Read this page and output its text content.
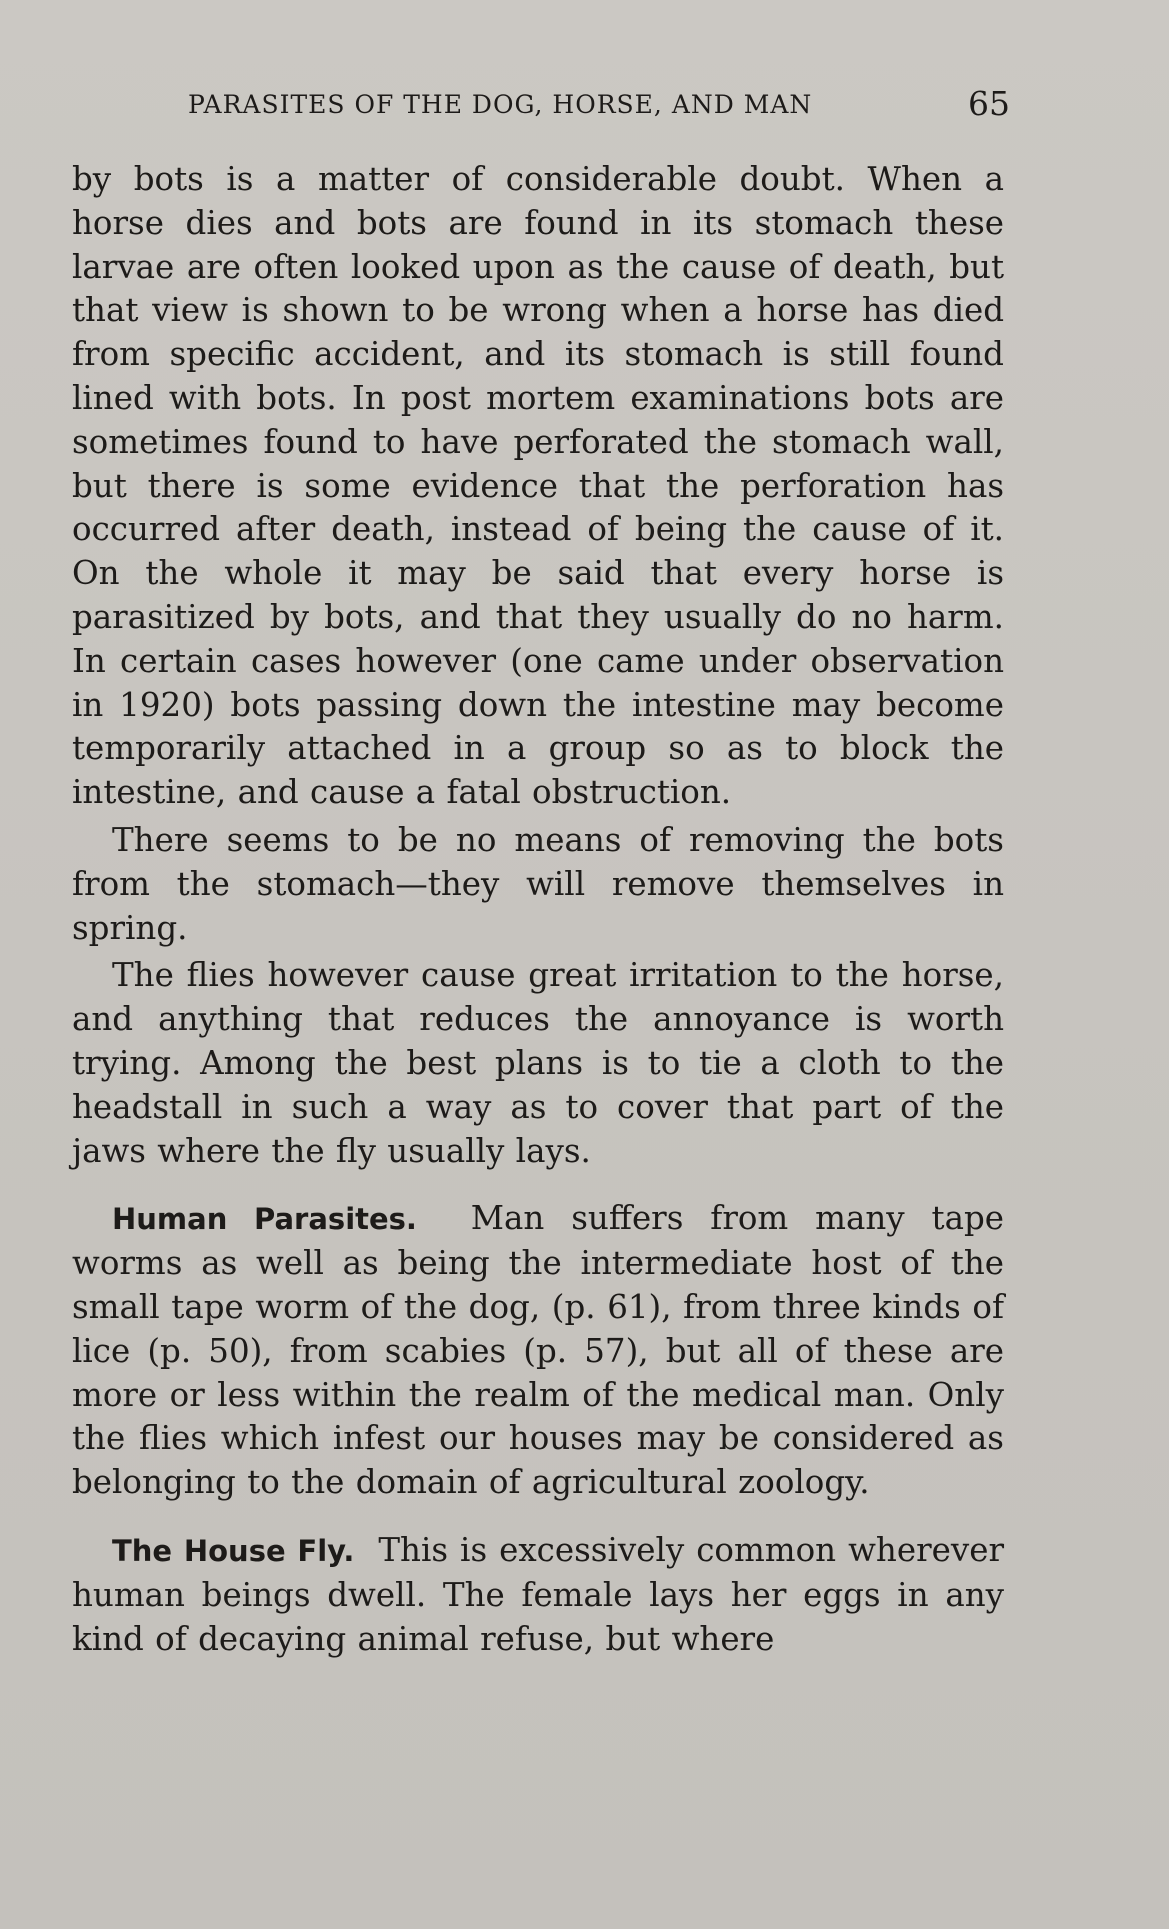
PARASITES OF THE DOG, HORSE, AND MAN	65

by bots is a matter of considerable doubt. When a horse dies and bots are found in its stomach these larvae are often looked upon as the cause of death, but that view is shown to be wrong when a horse has died from specific accident, and its stomach is still found lined with bots. In post mortem examinations bots are sometimes found to have perforated the stomach wall, but there is some evidence that the perforation has occurred after death, instead of being the cause of it. On the whole it may be said that every horse is parasitized by bots, and that they usually do no harm. In certain cases however (one came under observation in 1920) bots passing down the intestine may become temporarily attached in a group so as to block the intestine, and cause a fatal obstruction.

There seems to be no means of removing the bots from the stomach—they will remove themselves in spring.

The flies however cause great irritation to the horse, and anything that reduces the annoyance is worth trying. Among the best plans is to tie a cloth to the headstall in such a way as to cover that part of the jaws where the fly usually lays.

Human Parasites. Man suffers from many tape worms as well as being the intermediate host of the small tape worm of the dog, (p. 61), from three kinds of lice (p. 50), from scabies (p. 57), but all of these are more or less within the realm of the medical man. Only the flies which infest our houses may be considered as belonging to the domain of agricultural zoology.

The House Fly. This is excessively common wherever human beings dwell. The female lays her eggs in any kind of decaying animal refuse, but where
